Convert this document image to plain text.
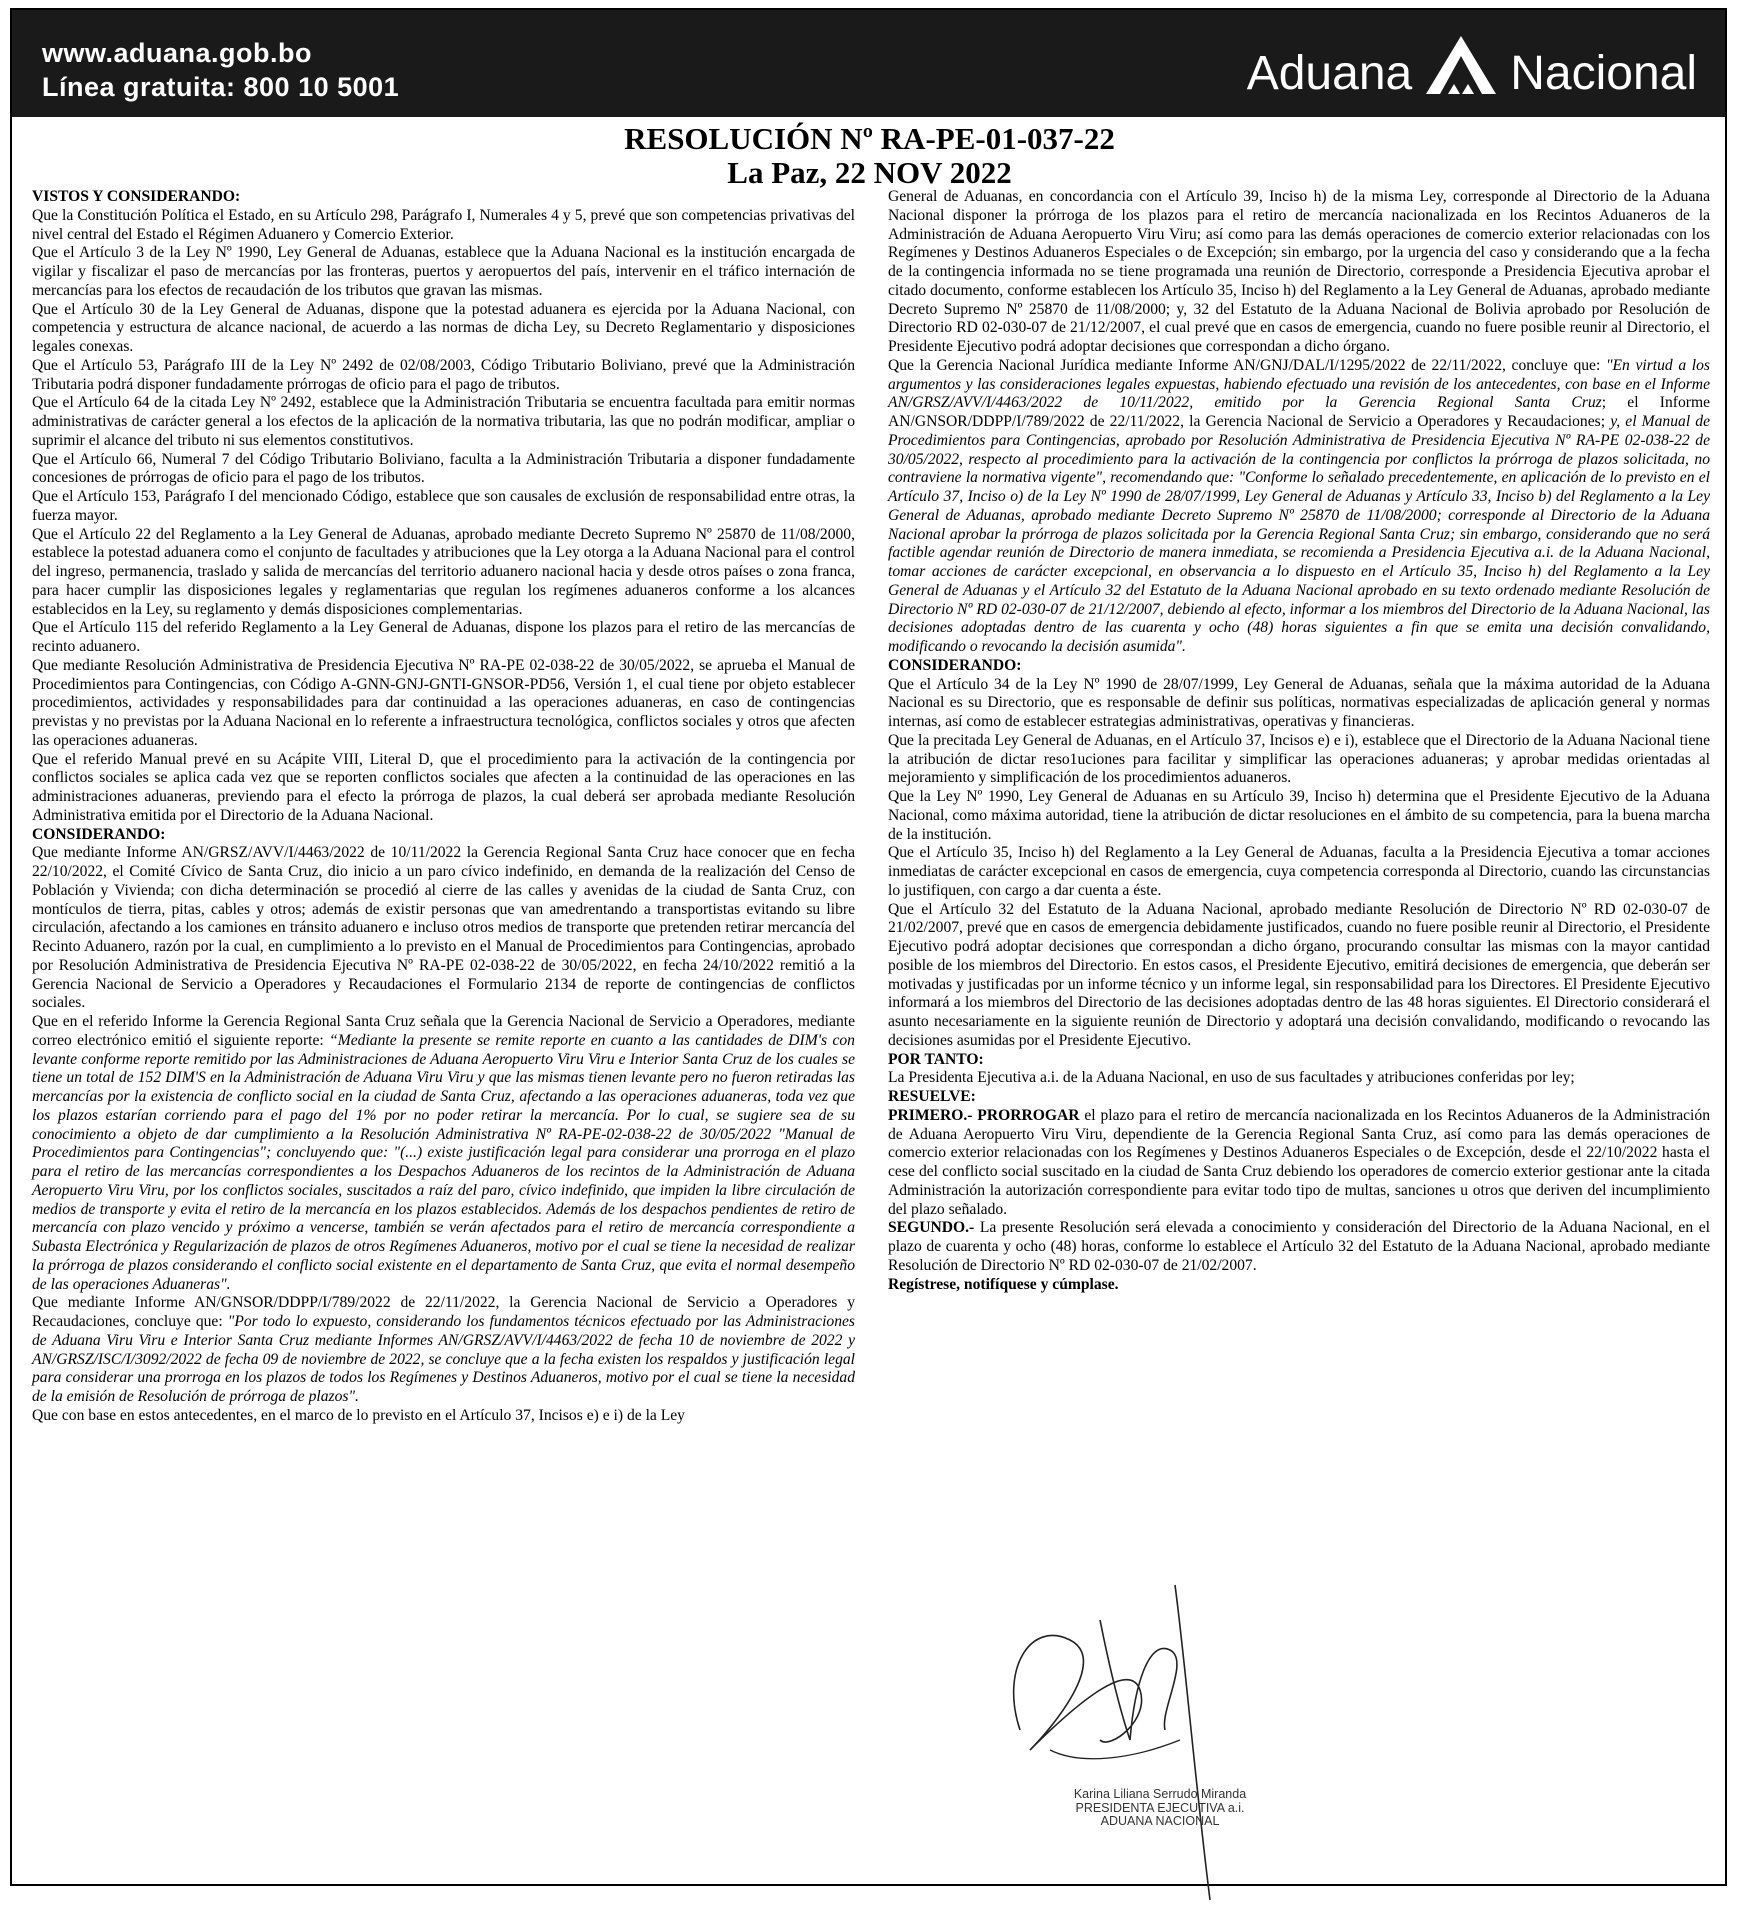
www.aduana.gob.bo
Línea gratuita: 800 10 5001	Aduana Nacional
RESOLUCIÓN Nº RA-PE-01-037-22
La Paz, 22 NOV 2022

VISTOS Y CONSIDERANDO:

Que la Constitución Política el Estado, en su Artículo 298, Parágrafo I, Numerales 4 y 5, prevé que son competencias privativas del nivel central del Estado el Régimen Aduanero y Comercio Exterior.

Que el Artículo 3 de la Ley Nº 1990, Ley General de Aduanas, establece que la Aduana Nacional es la institución encargada de vigilar y fiscalizar el paso de mercancías por las fronteras, puertos y aeropuertos del país, intervenir en el tráfico internación de mercancías para los efectos de recaudación de los tributos que gravan las mismas.

Que el Artículo 30 de la Ley General de Aduanas, dispone que la potestad aduanera es ejercida por la Aduana Nacional, con competencia y estructura de alcance nacional, de acuerdo a las normas de dicha Ley, su Decreto Reglamentario y disposiciones legales conexas.

Que el Artículo 53, Parágrafo III de la Ley Nº 2492 de 02/08/2003, Código Tributario Boliviano, prevé que la Administración Tributaria podrá disponer fundadamente prórrogas de oficio para el pago de tributos.

Que el Artículo 64 de la citada Ley Nº 2492, establece que la Administración Tributaria se encuentra facultada para emitir normas administrativas de carácter general a los efectos de la aplicación de la normativa tributaria, las que no podrán modificar, ampliar o suprimir el alcance del tributo ni sus elementos constitutivos.

Que el Artículo 66, Numeral 7 del Código Tributario Boliviano, faculta a la Administración Tributaria a disponer fundadamente concesiones de prórrogas de oficio para el pago de los tributos.

Que el Artículo 153, Parágrafo I del mencionado Código, establece que son causales de exclusión de responsabilidad entre otras, la fuerza mayor.

Que el Artículo 22 del Reglamento a la Ley General de Aduanas, aprobado mediante Decreto Supremo Nº 25870 de 11/08/2000, establece la potestad aduanera como el conjunto de facultades y atribuciones que la Ley otorga a la Aduana Nacional para el control del ingreso, permanencia, traslado y salida de mercancías del territorio aduanero nacional hacia y desde otros países o zona franca, para hacer cumplir las disposiciones legales y reglamentarias que regulan los regímenes aduaneros conforme a los alcances establecidos en la Ley, su reglamento y demás disposiciones complementarias.

Que el Artículo 115 del referido Reglamento a la Ley General de Aduanas, dispone los plazos para el retiro de las mercancías de recinto aduanero.

Que mediante Resolución Administrativa de Presidencia Ejecutiva Nº RA-PE 02-038-22 de 30/05/2022, se aprueba el Manual de Procedimientos para Contingencias, con Código A-GNN-GNJ-GNTI-GNSOR-PD56, Versión 1, el cual tiene por objeto establecer procedimientos, actividades y responsabilidades para dar continuidad a las operaciones aduaneras, en caso de contingencias previstas y no previstas por la Aduana Nacional en lo referente a infraestructura tecnológica, conflictos sociales y otros que afecten las operaciones aduaneras.

Que el referido Manual prevé en su Acápite VIII, Literal D, que el procedimiento para la activación de la contingencia por conflictos sociales se aplica cada vez que se reporten conflictos sociales que afecten a la continuidad de las operaciones en las administraciones aduaneras, previendo para el efecto la prórroga de plazos, la cual deberá ser aprobada mediante Resolución Administrativa emitida por el Directorio de la Aduana Nacional.

CONSIDERANDO:

Que mediante Informe AN/GRSZ/AVV/I/4463/2022 de 10/11/2022 la Gerencia Regional Santa Cruz hace conocer que en fecha 22/10/2022, el Comité Cívico de Santa Cruz, dio inicio a un paro cívico indefinido, en demanda de la realización del Censo de Población y Vivienda; con dicha determinación se procedió al cierre de las calles y avenidas de la ciudad de Santa Cruz, con montículos de tierra, pitas, cables y otros; además de existir personas que van amedrentando a transportistas evitando su libre circulación, afectando a los camiones en tránsito aduanero e incluso otros medios de transporte que pretenden retirar mercancía del Recinto Aduanero, razón por la cual, en cumplimiento a lo previsto en el Manual de Procedimientos para Contingencias, aprobado por Resolución Administrativa de Presidencia Ejecutiva Nº RA-PE 02-038-22 de 30/05/2022, en fecha 24/10/2022 remitió a la Gerencia Nacional de Servicio a Operadores y Recaudaciones el Formulario 2134 de reporte de contingencias de conflictos sociales.

Que en el referido Informe la Gerencia Regional Santa Cruz señala que la Gerencia Nacional de Servicio a Operadores, mediante correo electrónico emitió el siguiente reporte: “Mediante la presente se remite reporte en cuanto a las cantidades de DIM's con levante conforme reporte remitido por las Administraciones de Aduana Aeropuerto Viru Viru e Interior Santa Cruz de los cuales se tiene un total de 152 DIM'S en la Administración de Aduana Viru Viru y que las mismas tienen levante pero no fueron retiradas las mercancías por la existencia de conflicto social en la ciudad de Santa Cruz, afectando a las operaciones aduaneras, toda vez que los plazos estarían corriendo para el pago del 1% por no poder retirar la mercancía. Por lo cual, se sugiere sea de su conocimiento a objeto de dar cumplimiento a la Resolución Administrativa Nº RA-PE-02-038-22 de 30/05/2022 "Manual de Procedimientos para Contingencias"; concluyendo que: "(...) existe justificación legal para considerar una prorroga en el plazo para el retiro de las mercancías correspondientes a los Despachos Aduaneros de los recintos de la Administración de Aduana Aeropuerto Viru Viru, por los conflictos sociales, suscitados a raíz del paro, cívico indefinido, que impiden la libre circulación de medios de transporte y evita el retiro de la mercancía en los plazos establecidos. Además de los despachos pendientes de retiro de mercancía con plazo vencido y próximo a vencerse, también se verán afectados para el retiro de mercancía correspondiente a Subasta Electrónica y Regularización de plazos de otros Regímenes Aduaneros, motivo por el cual se tiene la necesidad de realizar la prórroga de plazos considerando el conflicto social existente en el departamento de Santa Cruz, que evita el normal desempeño de las operaciones Aduaneras".

Que mediante Informe AN/GNSOR/DDPP/I/789/2022 de 22/11/2022, la Gerencia Nacional de Servicio a Operadores y Recaudaciones, concluye que: "Por todo lo expuesto, considerando los fundamentos técnicos efectuado por las Administraciones de Aduana Viru Viru e Interior Santa Cruz mediante Informes AN/GRSZ/AVV/I/4463/2022 de fecha 10 de noviembre de 2022 y AN/GRSZ/ISC/I/3092/2022 de fecha 09 de noviembre de 2022, se concluye que a la fecha existen los respaldos y justificación legal para considerar una prorroga en los plazos de todos los Regímenes y Destinos Aduaneros, motivo por el cual se tiene la necesidad de la emisión de Resolución de prórroga de plazos".

Que con base en estos antecedentes, en el marco de lo previsto en el Artículo 37, Incisos e) e i) de la Ley

General de Aduanas, en concordancia con el Artículo 39, Inciso h) de la misma Ley, corresponde al Directorio de la Aduana Nacional disponer la prórroga de los plazos para el retiro de mercancía nacionalizada en los Recintos Aduaneros de la Administración de Aduana Aeropuerto Viru Viru; así como para las demás operaciones de comercio exterior relacionadas con los Regímenes y Destinos Aduaneros Especiales o de Excepción; sin embargo, por la urgencia del caso y considerando que a la fecha de la contingencia informada no se tiene programada una reunión de Directorio, corresponde a Presidencia Ejecutiva aprobar el citado documento, conforme establecen los Artículo 35, Inciso h) del Reglamento a la Ley General de Aduanas, aprobado mediante Decreto Supremo Nº 25870 de 11/08/2000; y, 32 del Estatuto de la Aduana Nacional de Bolivia aprobado por Resolución de Directorio RD 02-030-07 de 21/12/2007, el cual prevé que en casos de emergencia, cuando no fuere posible reunir al Directorio, el Presidente Ejecutivo podrá adoptar decisiones que correspondan a dicho órgano.

Que la Gerencia Nacional Jurídica mediante Informe AN/GNJ/DAL/I/1295/2022 de 22/11/2022, concluye que: "En virtud a los argumentos y las consideraciones legales expuestas, habiendo efectuado una revisión de los antecedentes, con base en el Informe AN/GRSZ/AVV/I/4463/2022 de 10/11/2022, emitido por la Gerencia Regional Santa Cruz; el Informe AN/GNSOR/DDPP/I/789/2022 de 22/11/2022, la Gerencia Nacional de Servicio a Operadores y Recaudaciones; y, el Manual de Procedimientos para Contingencias, aprobado por Resolución Administrativa de Presidencia Ejecutiva Nº RA-PE 02-038-22 de 30/05/2022, respecto al procedimiento para la activación de la contingencia por conflictos la prórroga de plazos solicitada, no contraviene la normativa vigente", recomendando que: "Conforme lo señalado precedentemente, en aplicación de lo previsto en el Artículo 37, Inciso o) de la Ley Nº 1990 de 28/07/1999, Ley General de Aduanas y Artículo 33, Inciso b) del Reglamento a la Ley General de Aduanas, aprobado mediante Decreto Supremo Nº 25870 de 11/08/2000; corresponde al Directorio de la Aduana Nacional aprobar la prórroga de plazos solicitada por la Gerencia Regional Santa Cruz; sin embargo, considerando que no será factible agendar reunión de Directorio de manera inmediata, se recomienda a Presidencia Ejecutiva a.i. de la Aduana Nacional, tomar acciones de carácter excepcional, en observancia a lo dispuesto en el Artículo 35, Inciso h) del Reglamento a la Ley General de Aduanas y el Artículo 32 del Estatuto de la Aduana Nacional aprobado en su texto ordenado mediante Resolución de Directorio Nº RD 02-030-07 de 21/12/2007, debiendo al efecto, informar a los miembros del Directorio de la Aduana Nacional, las decisiones adoptadas dentro de las cuarenta y ocho (48) horas siguientes a fin que se emita una decisión convalidando, modificando o revocando la decisión asumida".

CONSIDERANDO:

Que el Artículo 34 de la Ley Nº 1990 de 28/07/1999, Ley General de Aduanas, señala que la máxima autoridad de la Aduana Nacional es su Directorio, que es responsable de definir sus políticas, normativas especializadas de aplicación general y normas internas, así como de establecer estrategias administrativas, operativas y financieras.

Que la precitada Ley General de Aduanas, en el Artículo 37, Incisos e) e i), establece que el Directorio de la Aduana Nacional tiene la atribución de dictar reso1uciones para facilitar y simplificar las operaciones aduaneras; y aprobar medidas orientadas al mejoramiento y simplificación de los procedimientos aduaneros.

Que la Ley Nº 1990, Ley General de Aduanas en su Artículo 39, Inciso h) determina que el Presidente Ejecutivo de la Aduana Nacional, como máxima autoridad, tiene la atribución de dictar resoluciones en el ámbito de su competencia, para la buena marcha de la institución.

Que el Artículo 35, Inciso h) del Reglamento a la Ley General de Aduanas, faculta a la Presidencia Ejecutiva a tomar acciones inmediatas de carácter excepcional en casos de emergencia, cuya competencia corresponda al Directorio, cuando las circunstancias lo justifiquen, con cargo a dar cuenta a éste.

Que el Artículo 32 del Estatuto de la Aduana Nacional, aprobado mediante Resolución de Directorio Nº RD 02-030-07 de 21/02/2007, prevé que en casos de emergencia debidamente justificados, cuando no fuere posible reunir al Directorio, el Presidente Ejecutivo podrá adoptar decisiones que correspondan a dicho órgano, procurando consultar las mismas con la mayor cantidad posible de los miembros del Directorio. En estos casos, el Presidente Ejecutivo, emitirá decisiones de emergencia, que deberán ser motivadas y justificadas por un informe técnico y un informe legal, sin responsabilidad para los Directores. El Presidente Ejecutivo informará a los miembros del Directorio de las decisiones adoptadas dentro de las 48 horas siguientes. El Directorio considerará el asunto necesariamente en la siguiente reunión de Directorio y adoptará una decisión convalidando, modificando o revocando las decisiones asumidas por el Presidente Ejecutivo.

POR TANTO:

La Presidenta Ejecutiva a.i. de la Aduana Nacional, en uso de sus facultades y atribuciones conferidas por ley;

RESUELVE:

PRIMERO.- PRORROGAR el plazo para el retiro de mercancía nacionalizada en los Recintos Aduaneros de la Administración de Aduana Aeropuerto Viru Viru, dependiente de la Gerencia Regional Santa Cruz, así como para las demás operaciones de comercio exterior relacionadas con los Regímenes y Destinos Aduaneros Especiales o de Excepción, desde el 22/10/2022 hasta el cese del conflicto social suscitado en la ciudad de Santa Cruz debiendo los operadores de comercio exterior gestionar ante la citada Administración la autorización correspondiente para evitar todo tipo de multas, sanciones u otros que deriven del incumplimiento del plazo señalado.

SEGUNDO.- La presente Resolución será elevada a conocimiento y consideración del Directorio de la Aduana Nacional, en el plazo de cuarenta y ocho (48) horas, conforme lo establece el Artículo 32 del Estatuto de la Aduana Nacional, aprobado mediante Resolución de Directorio Nº RD 02-030-07 de 21/02/2007.

Regístrese, notifíquese y cúmplase.

Karina Liliana Serrudo Miranda
PRESIDENTA EJECUTIVA a.i.
ADUANA NACIONAL
